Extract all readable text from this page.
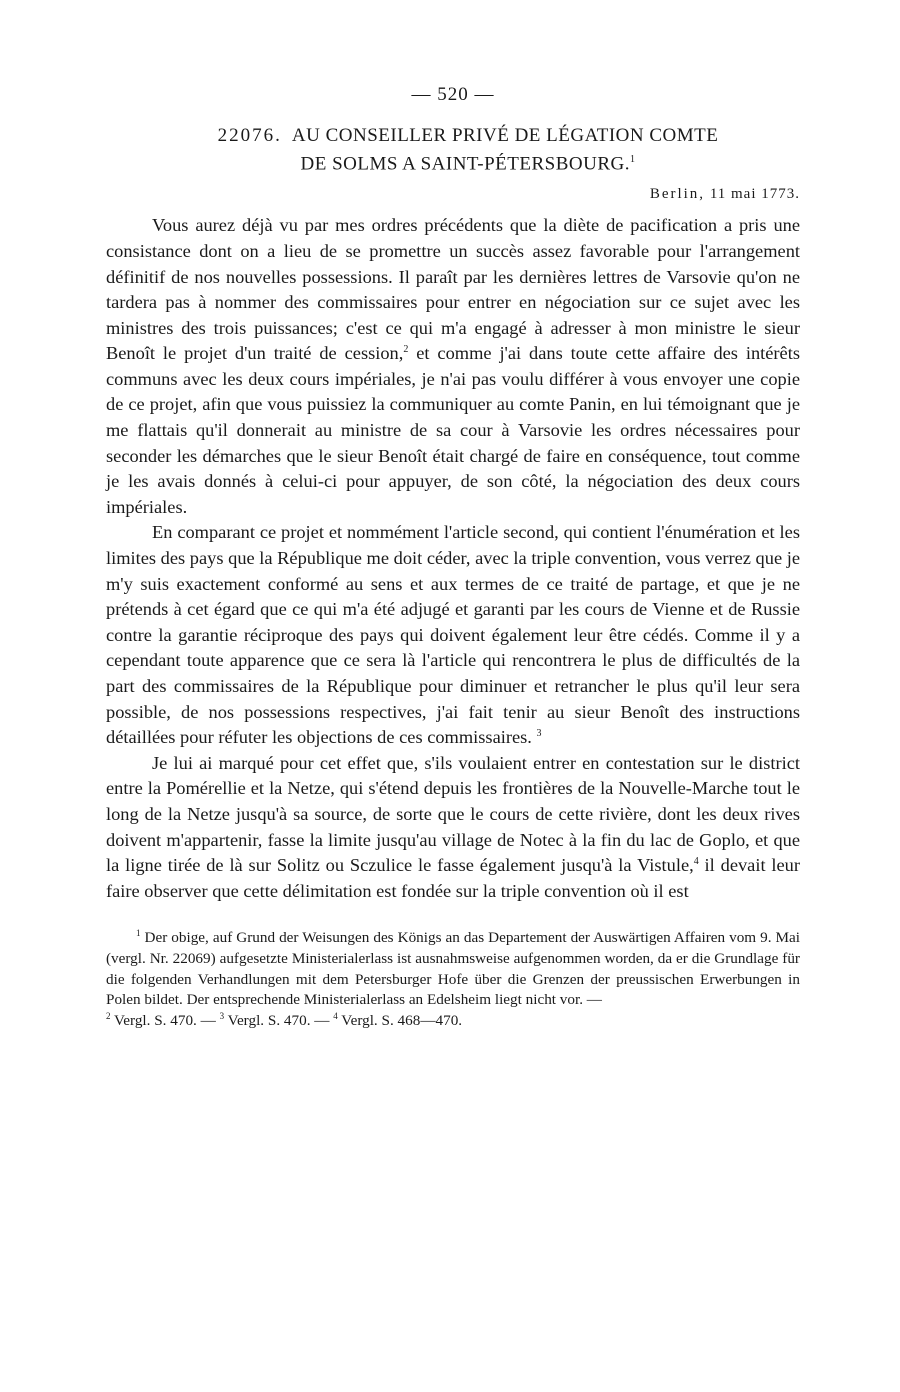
— 520 —
22076. AU CONSEILLER PRIVÉ DE LÉGATION COMTE
DE SOLMS A SAINT-PÉTERSBOURG.$^1$
Berlin, 11 mai 1773.

Vous aurez déjà vu par mes ordres précédents que la diète de pacification a pris une consistance dont on a lieu de se promettre un succès assez favorable pour l'arrangement définitif de nos nouvelles possessions. Il paraît par les dernières lettres de Varsovie qu'on ne tardera pas à nommer des commissaires pour entrer en négociation sur ce sujet avec les ministres des trois puissances; c'est ce qui m'a engagé à adresser à mon ministre le sieur Benoît le projet d'un traité de cession,$^2$ et comme j'ai dans toute cette affaire des intérêts communs avec les deux cours impériales, je n'ai pas voulu différer à vous envoyer une copie de ce projet, afin que vous puissiez la communiquer au comte Panin, en lui témoignant que je me flattais qu'il donnerait au ministre de sa cour à Varsovie les ordres nécessaires pour seconder les démarches que le sieur Benoît était chargé de faire en conséquence, tout comme je les avais donnés à celui-ci pour appuyer, de son côté, la négociation des deux cours impériales.

En comparant ce projet et nommément l'article second, qui contient l'énumération et les limites des pays que la République me doit céder, avec la triple convention, vous verrez que je m'y suis exactement conformé au sens et aux termes de ce traité de partage, et que je ne prétends à cet égard que ce qui m'a été adjugé et garanti par les cours de Vienne et de Russie contre la garantie réciproque des pays qui doivent également leur être cédés. Comme il y a cependant toute apparence que ce sera là l'article qui rencontrera le plus de difficultés de la part des commissaires de la République pour diminuer et retrancher le plus qu'il leur sera possible, de nos possessions respectives, j'ai fait tenir au sieur Benoît des instructions détaillées pour réfuter les objections de ces commissaires. $^3$

Je lui ai marqué pour cet effet que, s'ils voulaient entrer en contestation sur le district entre la Pomérellie et la Netze, qui s'étend depuis les frontières de la Nouvelle-Marche tout le long de la Netze jusqu'à sa source, de sorte que le cours de cette rivière, dont les deux rives doivent m'appartenir, fasse la limite jusqu'au village de Notec à la fin du lac de Goplo, et que la ligne tirée de là sur Solitz ou Sczulice le fasse également jusqu'à la Vistule,$^4$ il devait leur faire observer que cette délimitation est fondée sur la triple convention où il est

$^1$ Der obige, auf Grund der Weisungen des Königs an das Departement der Auswärtigen Affairen vom 9. Mai (vergl. Nr. 22069) aufgesetzte Ministerialerlass ist ausnahmsweise aufgenommen worden, da er die Grundlage für die folgenden Verhandlungen mit dem Petersburger Hofe über die Grenzen der preussischen Erwerbungen in Polen bildet. Der entsprechende Ministerialerlass an Edelsheim liegt nicht vor. —
$^2$ Vergl. S. 470. — $^3$ Vergl. S. 470. — $^4$ Vergl. S. 468—470.
